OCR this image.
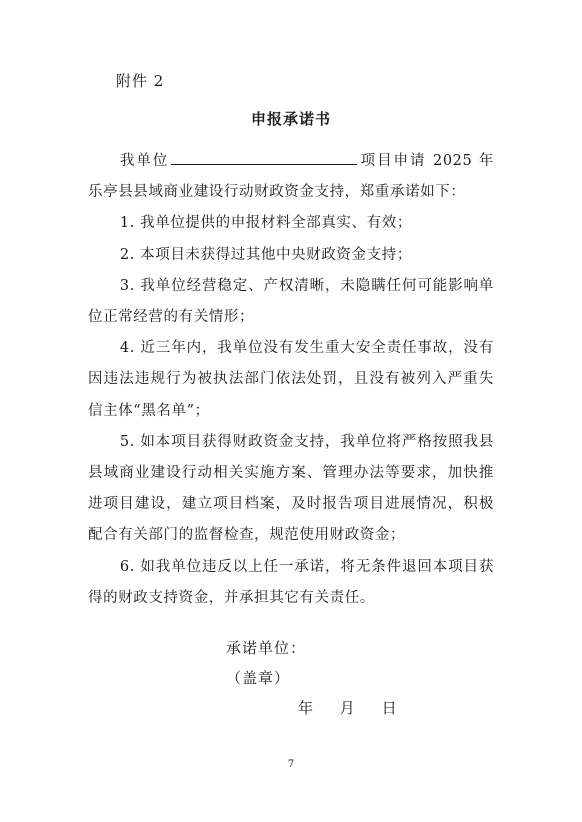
附件 2
申报承诺书

我单位	项目申请 2025 年乐亭县县域商业建设行动财政资金支持，郑重承诺如下：

1. 我单位提供的申报材料全部真实、有效；

2. 本项目未获得过其他中央财政资金支持；

3. 我单位经营稳定、产权清晰，未隐瞒任何可能影响单位正常经营的有关情形；

4. 近三年内，我单位没有发生重大安全责任事故，没有因违法违规行为被执法部门依法处罚，且没有被列入严重失信主体“黑名单”；

5. 如本项目获得财政资金支持，我单位将严格按照我县县域商业建设行动相关实施方案、管理办法等要求，加快推进项目建设，建立项目档案，及时报告项目进展情况，积极配合有关部门的监督检查，规范使用财政资金；

6. 如我单位违反以上任一承诺，将无条件退回本项目获得的财政支持资金，并承担其它有关责任。

承诺单位：
（盖章）
年 月 日
7
